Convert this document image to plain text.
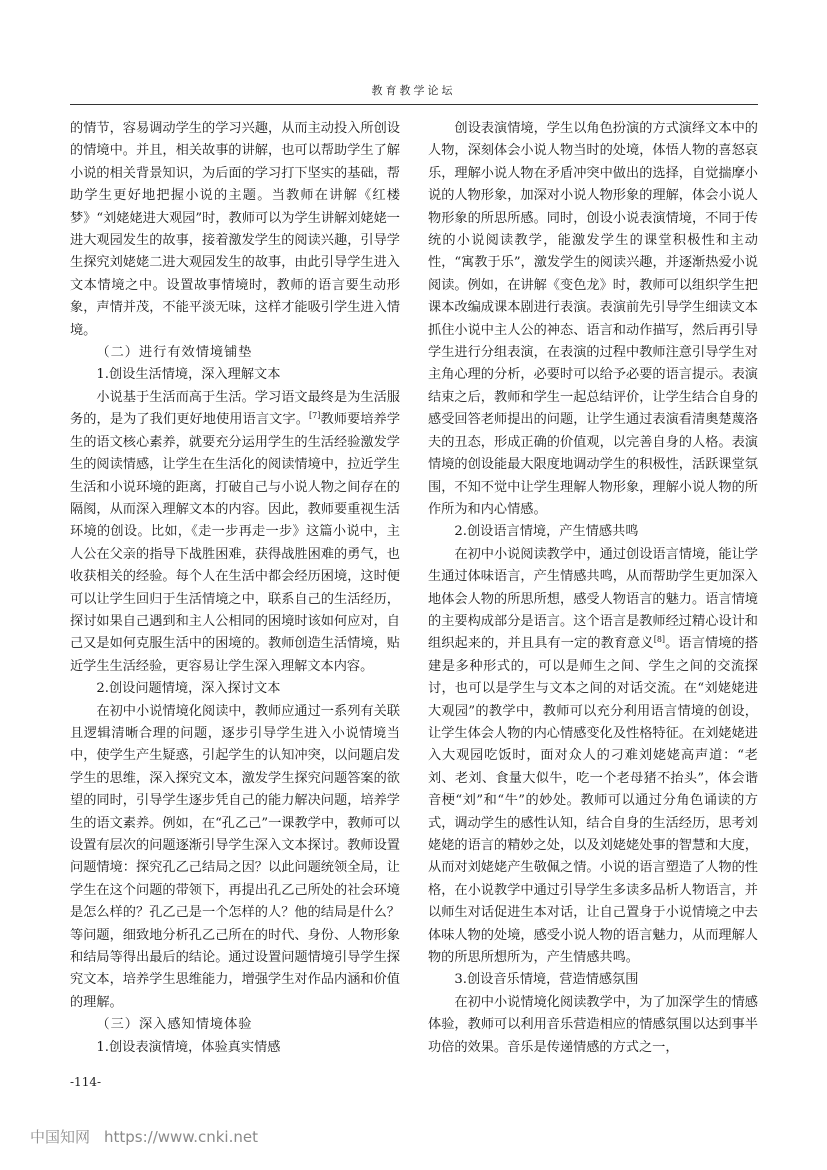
教育教学论坛

的情节，容易调动学生的学习兴趣，从而主动投入所创设的情境中。并且，相关故事的讲解，也可以帮助学生了解小说的相关背景知识，为后面的学习打下坚实的基础，帮助学生更好地把握小说的主题。当教师在讲解《红楼梦》“刘姥姥进大观园”时，教师可以为学生讲解刘姥姥一进大观园发生的故事，接着激发学生的阅读兴趣，引导学生探究刘姥姥二进大观园发生的故事，由此引导学生进入文本情境之中。设置故事情境时，教师的语言要生动形象，声情并茂，不能平淡无味，这样才能吸引学生进入情境。

（二）进行有效情境铺垫
1.创设生活情境，深入理解文本

小说基于生活而高于生活。学习语文最终是为生活服务的，是为了我们更好地使用语言文字。[7]教师要培养学生的语文核心素养，就要充分运用学生的生活经验激发学生的阅读情感，让学生在生活化的阅读情境中，拉近学生生活和小说环境的距离，打破自己与小说人物之间存在的隔阂，从而深入理解文本的内容。因此，教师要重视生活环境的创设。比如，《走一步再走一步》这篇小说中，主人公在父亲的指导下战胜困难，获得战胜困难的勇气，也收获相关的经验。每个人在生活中都会经历困境，这时便可以让学生回归于生活情境之中，联系自己的生活经历，探讨如果自己遇到和主人公相同的困境时该如何应对，自己又是如何克服生活中的困境的。教师创造生活情境，贴近学生生活经验，更容易让学生深入理解文本内容。

2.创设问题情境，深入探讨文本

在初中小说情境化阅读中，教师应通过一系列有关联且逻辑清晰合理的问题，逐步引导学生进入小说情境当中，使学生产生疑惑，引起学生的认知冲突，以问题启发学生的思维，深入探究文本，激发学生探究问题答案的欲望的同时，引导学生逐步凭自己的能力解决问题，培养学生的语文素养。例如，在“孔乙己”一课教学中，教师可以设置有层次的问题逐渐引导学生深入文本探讨。教师设置问题情境：探究孔乙己结局之因？以此问题统领全局，让学生在这个问题的带领下，再提出孔乙己所处的社会环境是怎么样的？孔乙己是一个怎样的人？他的结局是什么？等问题，细致地分析孔乙己所在的时代、身份、人物形象和结局等得出最后的结论。通过设置问题情境引导学生探究文本，培养学生思维能力，增强学生对作品内涵和价值的理解。

（三）深入感知情境体验
1.创设表演情境，体验真实情感

创设表演情境，学生以角色扮演的方式演绎文本中的人物，深刻体会小说人物当时的处境，体悟人物的喜怒哀乐，理解小说人物在矛盾冲突中做出的选择，自觉揣摩小说的人物形象，加深对小说人物形象的理解，体会小说人物形象的所思所感。同时，创设小说表演情境，不同于传统的小说阅读教学，能激发学生的课堂积极性和主动性，“寓教于乐”，激发学生的阅读兴趣，并逐渐热爱小说阅读。例如，在讲解《变色龙》时，教师可以组织学生把课本改编成课本剧进行表演。表演前先引导学生细读文本抓住小说中主人公的神态、语言和动作描写，然后再引导学生进行分组表演，在表演的过程中教师注意引导学生对主角心理的分析，必要时可以给予必要的语言提示。表演结束之后，教师和学生一起总结评价，让学生结合自身的感受回答老师提出的问题，让学生通过表演看清奥楚蔑洛夫的丑态，形成正确的价值观，以完善自身的人格。表演情境的创设能最大限度地调动学生的积极性，活跃课堂氛围，不知不觉中让学生理解人物形象，理解小说人物的所作所为和内心情感。

2.创设语言情境，产生情感共鸣

在初中小说阅读教学中，通过创设语言情境，能让学生通过体味语言，产生情感共鸣，从而帮助学生更加深入地体会人物的所思所想，感受人物语言的魅力。语言情境的主要构成部分是语言。这个语言是教师经过精心设计和组织起来的，并且具有一定的教育意义[8]。语言情境的搭建是多种形式的，可以是师生之间、学生之间的交流探讨，也可以是学生与文本之间的对话交流。在“刘姥姥进大观园”的教学中，教师可以充分利用语言情境的创设，让学生体会人物的内心情感变化及性格特征。在刘姥姥进入大观园吃饭时，面对众人的刁难刘姥姥高声道：“老刘、老刘、食量大似牛，吃一个老母猪不抬头”，体会谐音梗“刘”和“牛”的妙处。教师可以通过分角色诵读的方式，调动学生的感性认知，结合自身的生活经历，思考刘姥姥的语言的精妙之处，以及刘姥姥处事的智慧和大度，从而对刘姥姥产生敬佩之情。小说的语言塑造了人物的性格，在小说教学中通过引导学生多读多品析人物语言，并以师生对话促进生本对话，让自己置身于小说情境之中去体味人物的处境，感受小说人物的语言魅力，从而理解人物的所思所想所为，产生情感共鸣。

3.创设音乐情境，营造情感氛围

在初中小说情境化阅读教学中，为了加深学生的情感体验，教师可以利用音乐营造相应的情感氛围以达到事半功倍的效果。音乐是传递情感的方式之一，

-114-
中国知网 https://www.cnki.net
